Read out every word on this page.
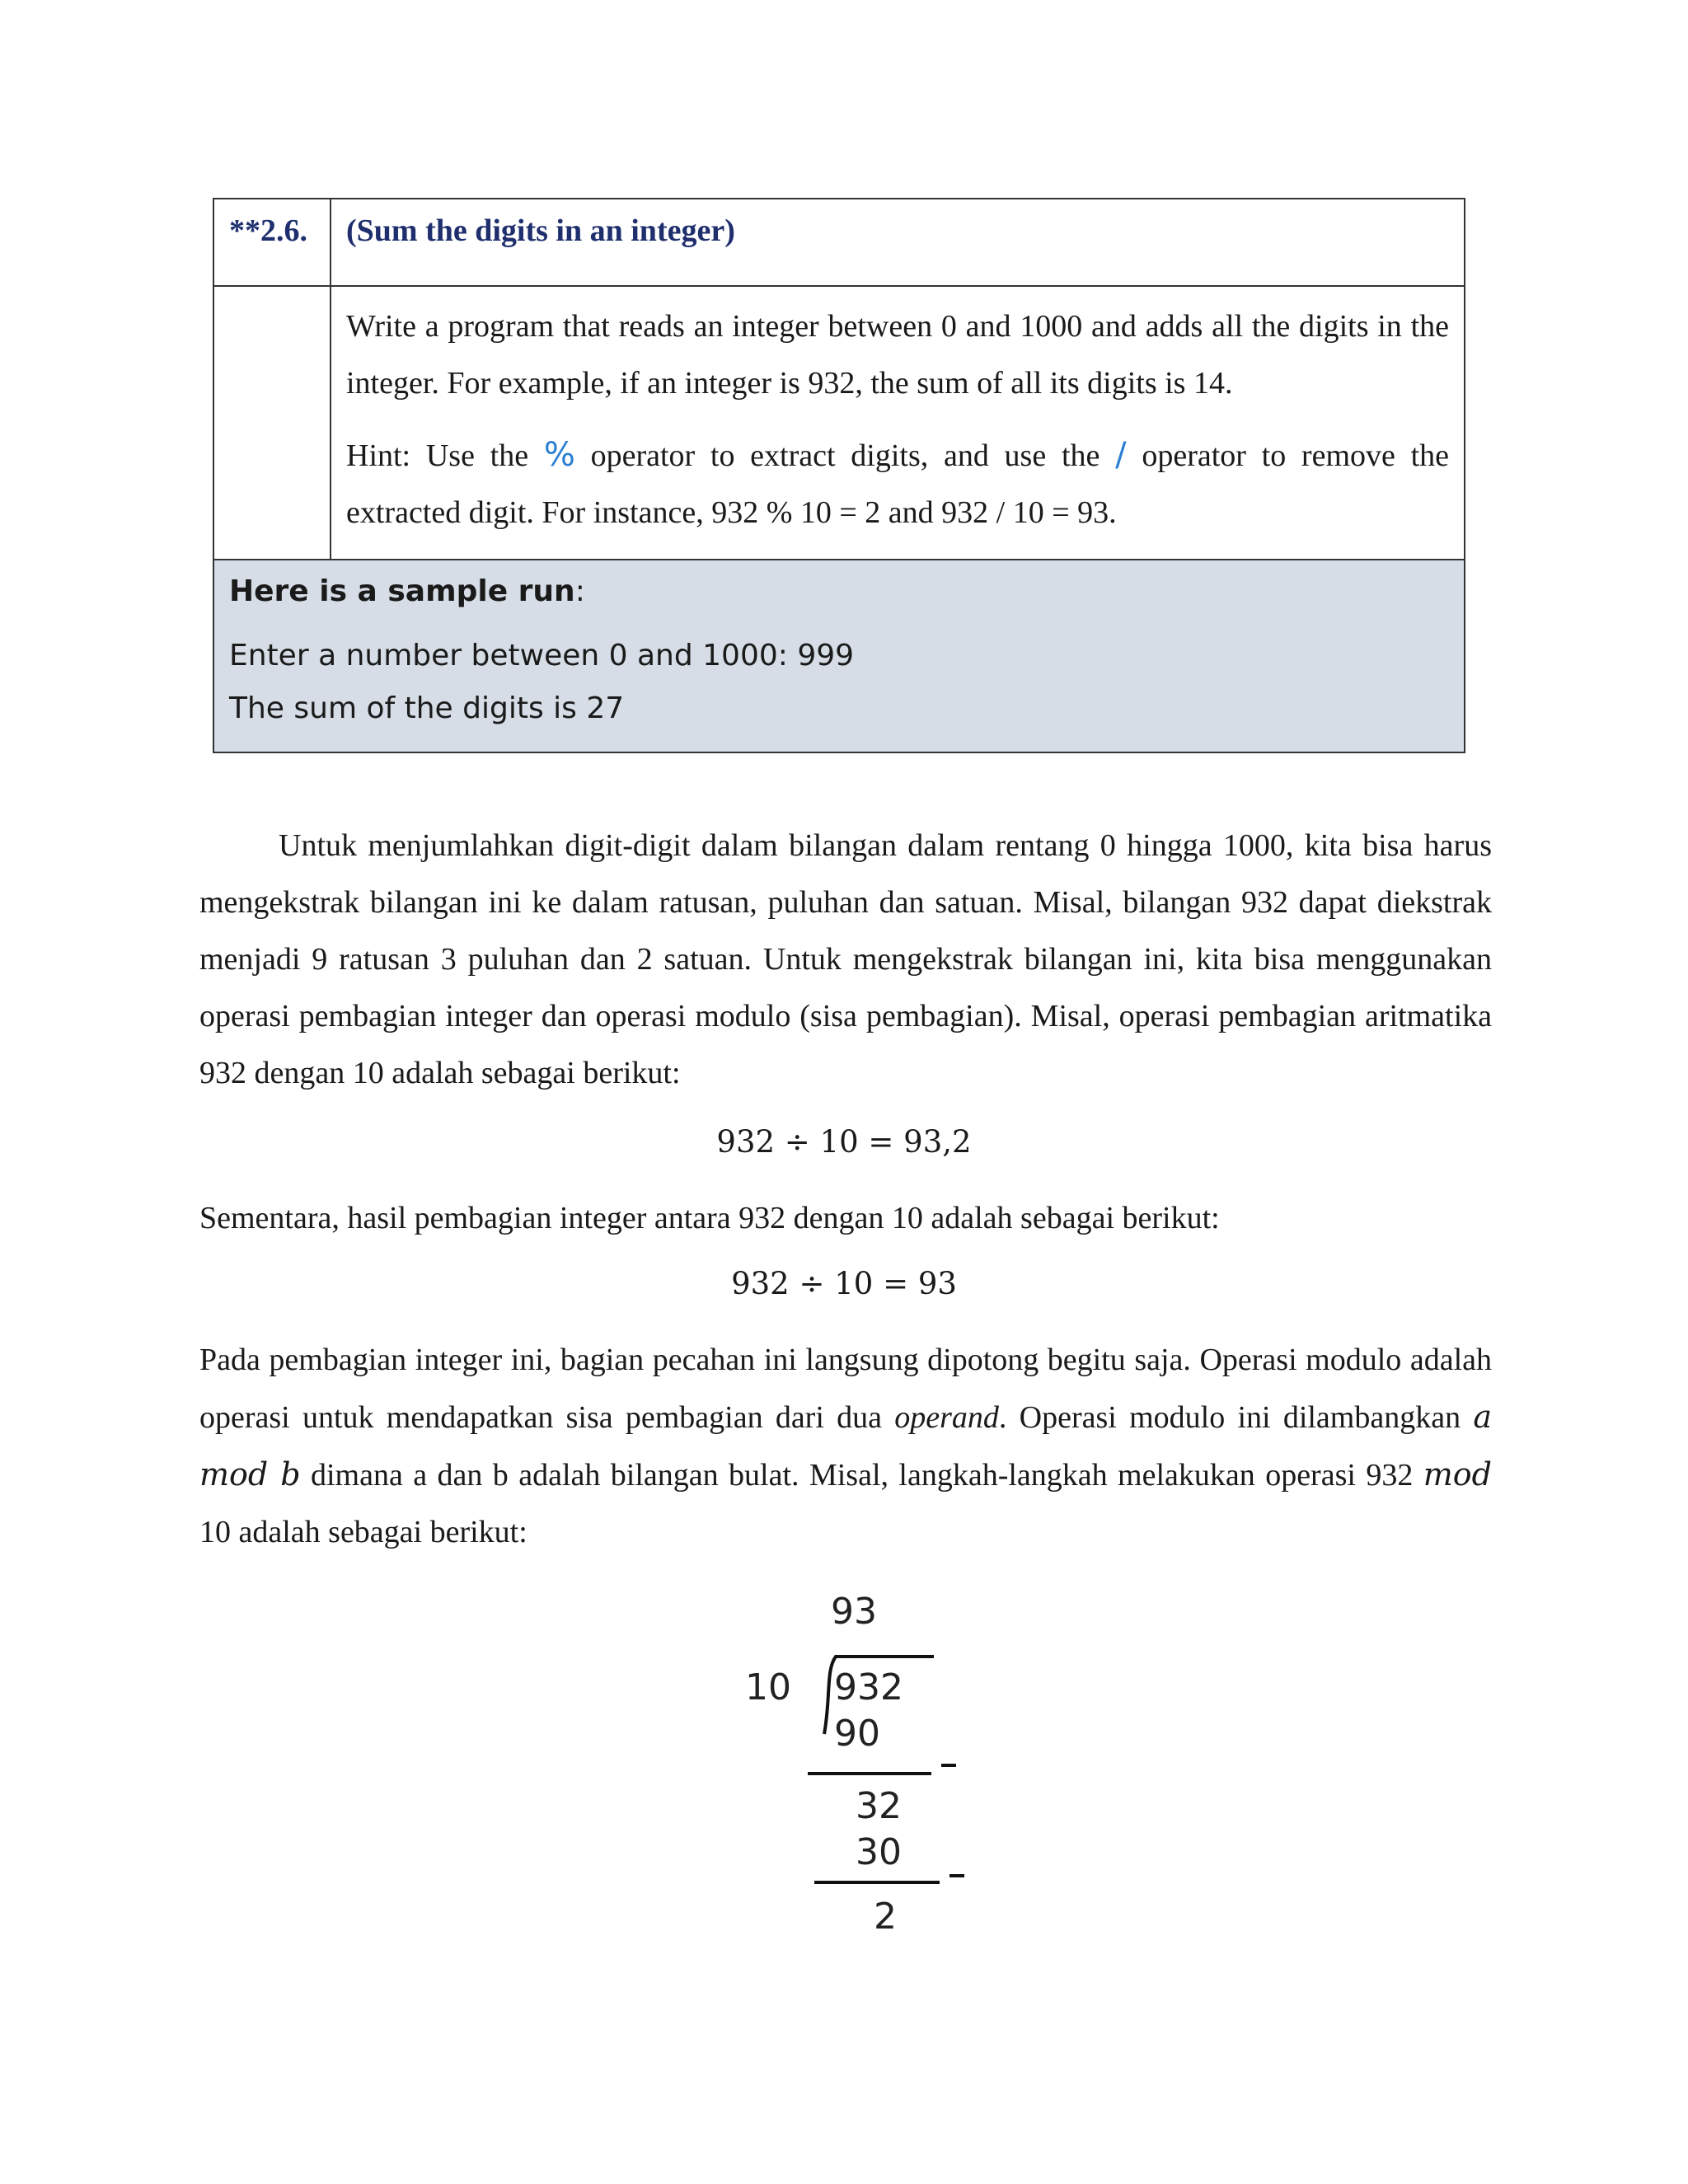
**2.6.	(Sum the digits in an integer)

Write a program that reads an integer between 0 and 1000 and adds all the digits in the integer. For example, if an integer is 932, the sum of all its digits is 14.

Hint: Use the % operator to extract digits, and use the / operator to remove the extracted digit. For instance, 932 % 10 = 2 and 932 / 10 = 93.

Here is a sample run:
Enter a number between 0 and 1000: 999
The sum of the digits is 27

Untuk menjumlahkan digit-digit dalam bilangan dalam rentang 0 hingga 1000, kita bisa harus mengekstrak bilangan ini ke dalam ratusan, puluhan dan satuan. Misal, bilangan 932 dapat diekstrak menjadi 9 ratusan 3 puluhan dan 2 satuan. Untuk mengekstrak bilangan ini, kita bisa menggunakan operasi pembagian integer dan operasi modulo (sisa pembagian). Misal, operasi pembagian aritmatika 932 dengan 10 adalah sebagai berikut:

932 ÷ 10 = 93,2

Sementara, hasil pembagian integer antara 932 dengan 10 adalah sebagai berikut:

932 ÷ 10 = 93

Pada pembagian integer ini, bagian pecahan ini langsung dipotong begitu saja. Operasi modulo adalah operasi untuk mendapatkan sisa pembagian dari dua operand. Operasi modulo ini dilambangkan a mod b dimana a dan b adalah bilangan bulat. Misal, langkah-langkah melakukan operasi 932 mod 10 adalah sebagai berikut:

93
10 932
90
32
30
2
